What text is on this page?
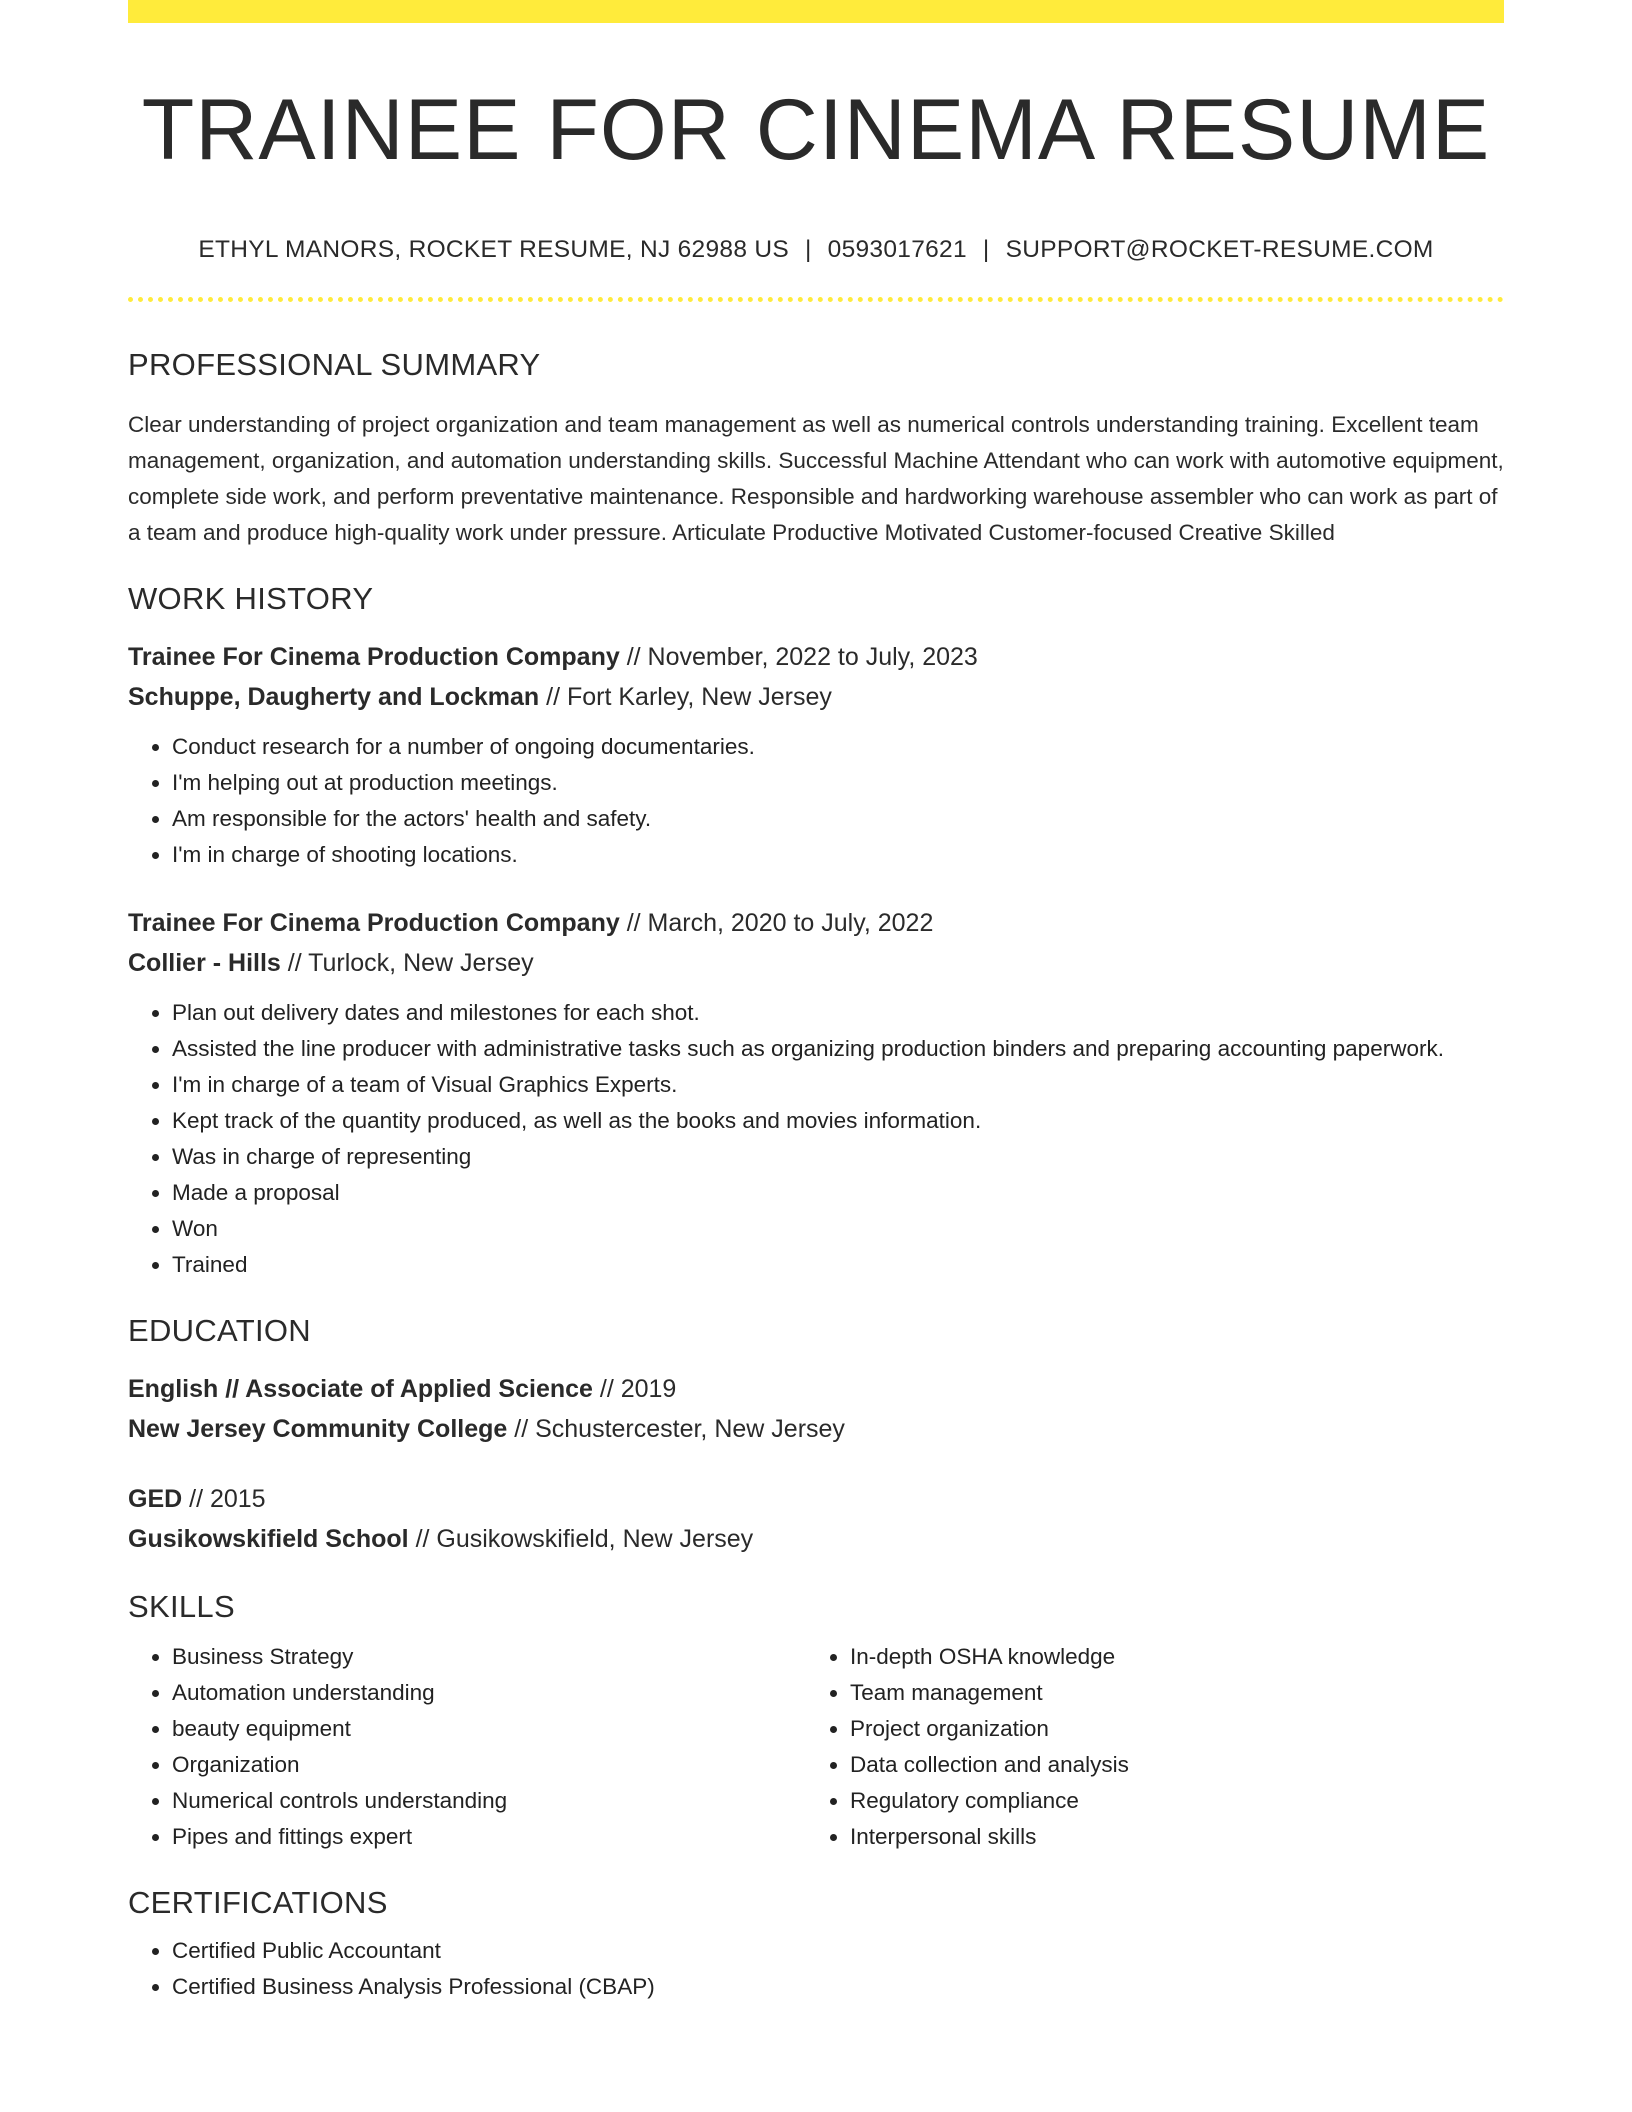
TRAINEE FOR CINEMA RESUME
ETHYL MANORS, ROCKET RESUME, NJ 62988 US | 0593017621 | SUPPORT@ROCKET-RESUME.COM
PROFESSIONAL SUMMARY

Clear understanding of project organization and team management as well as numerical controls understanding training. Excellent team management, organization, and automation understanding skills. Successful Machine Attendant who can work with automotive equipment, complete side work, and perform preventative maintenance. Responsible and hardworking warehouse assembler who can work as part of a team and produce high-quality work under pressure. Articulate Productive Motivated Customer-focused Creative Skilled

WORK HISTORY
Trainee For Cinema Production Company // November, 2022 to July, 2023
Schuppe, Daugherty and Lockman // Fort Karley, New Jersey
• Conduct research for a number of ongoing documentaries.
• I'm helping out at production meetings.
• Am responsible for the actors' health and safety.
• I'm in charge of shooting locations.
Trainee For Cinema Production Company // March, 2020 to July, 2022
Collier - Hills // Turlock, New Jersey
• Plan out delivery dates and milestones for each shot.
• Assisted the line producer with administrative tasks such as organizing production binders and preparing accounting paperwork.
• I'm in charge of a team of Visual Graphics Experts.
• Kept track of the quantity produced, as well as the books and movies information.
• Was in charge of representing
• Made a proposal
• Won
• Trained
EDUCATION
English // Associate of Applied Science // 2019
New Jersey Community College // Schustercester, New Jersey
GED // 2015
Gusikowskifield School // Gusikowskifield, New Jersey
SKILLS
• Business Strategy
• Automation understanding
• beauty equipment
• Organization
• Numerical controls understanding
• Pipes and fittings expert
• In-depth OSHA knowledge
• Team management
• Project organization
• Data collection and analysis
• Regulatory compliance
• Interpersonal skills
CERTIFICATIONS
• Certified Public Accountant
• Certified Business Analysis Professional (CBAP)
